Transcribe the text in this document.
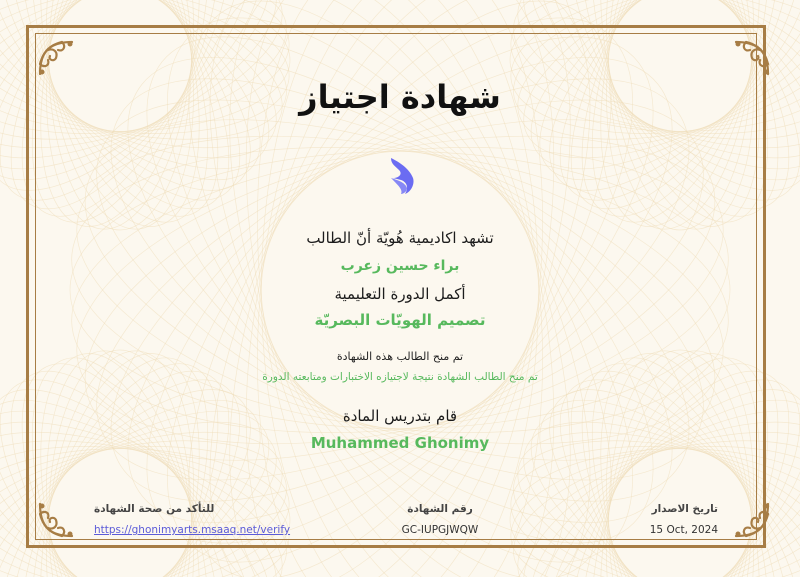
شهادة اجتياز
تشهد اكاديمية هُويّة أنّ الطالب
براء حسين زعرب
أكمل الدورة التعليمية
تصميم الهويّات البصريّة
تم منح الطالب هذه الشهادة
تم منح الطالب الشهادة نتيجة لاجتيازه الاختبارات ومتابعته الدورة
قام بتدريس المادة
Muhammed Ghonimy
تاريخ الاصدار
15 Oct, 2024
رقم الشهادة
GC-IUPGJWQW
للتأكد من صحة الشهادة
https://ghonimyarts.msaaq.net/verify
